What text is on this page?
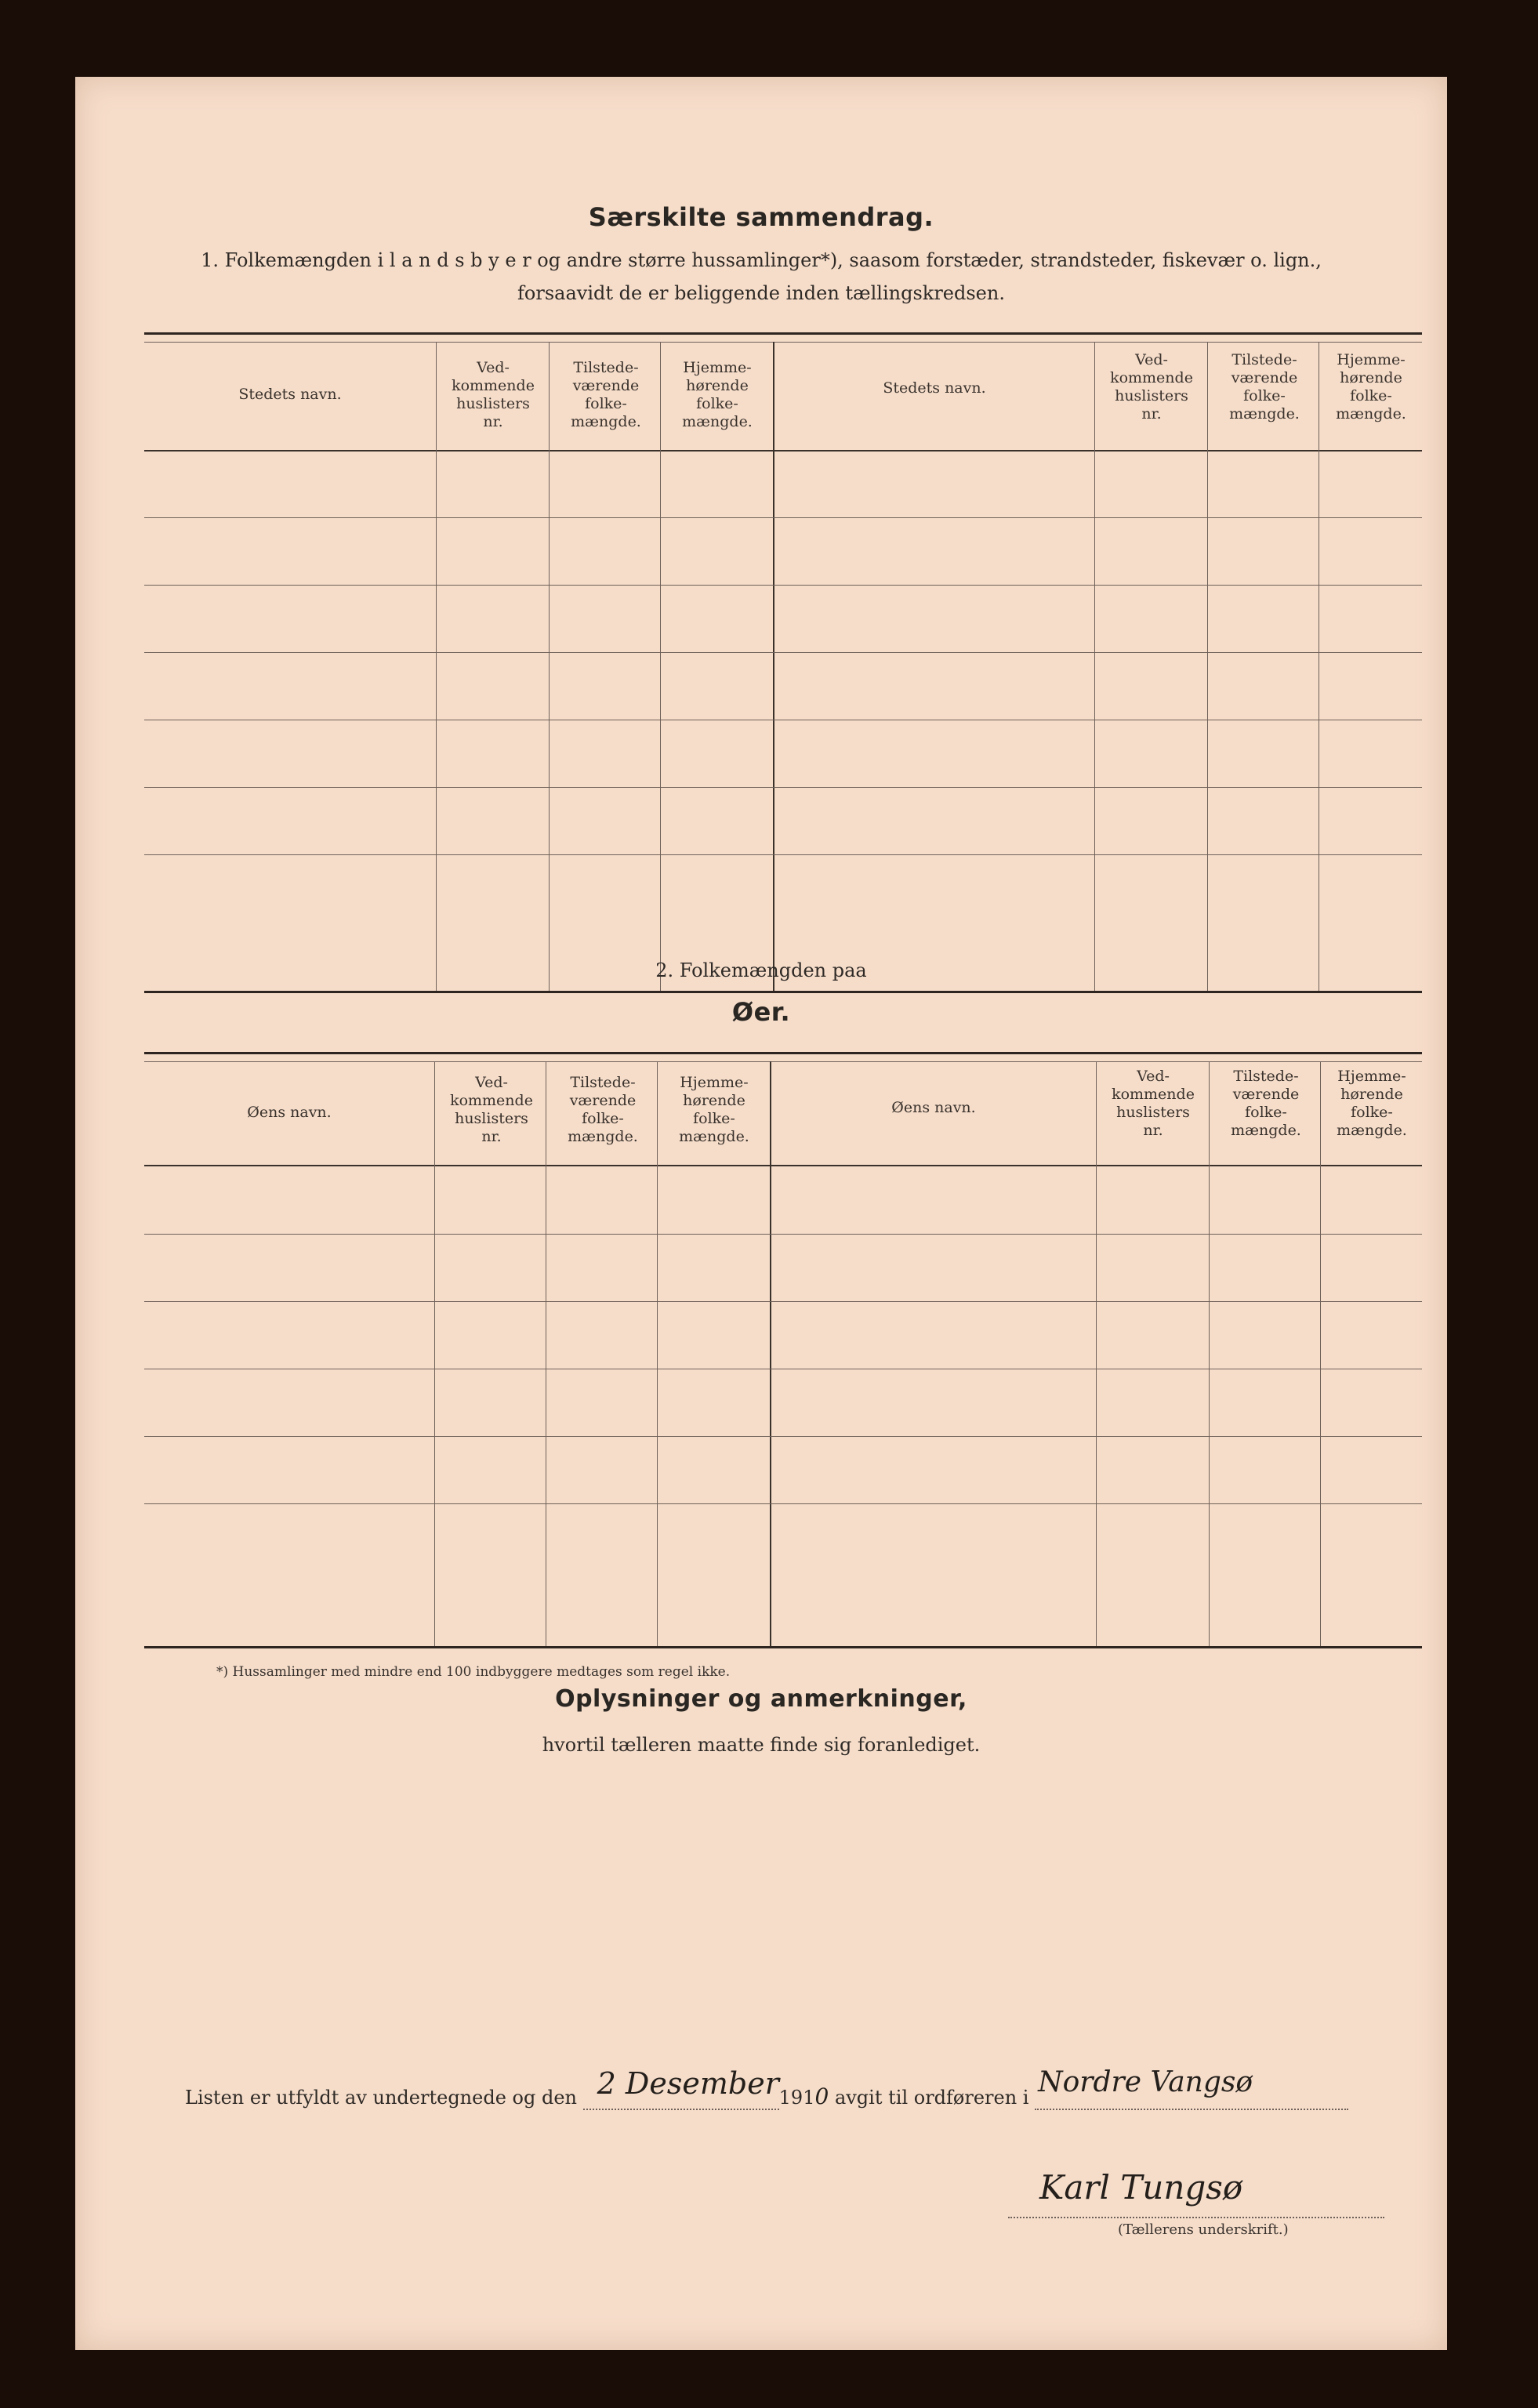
Særskilte sammendrag.
1. Folkemængden i l a n d s b y e r og andre større hussamlinger*), saasom forstæder, strandsteder, fiskevær o. lign.,
forsaavidt de er beliggende inden tællingskredsen.
Stedets navn.
Ved-
kommende
huslisters
nr.
Tilstede-
værende
folke-
mængde.
Hjemme-
hørende
folke-
mængde.
Stedets navn.
Ved-
kommende
huslisters
nr.
Tilstede-
værende
folke-
mængde.
Hjemme-
hørende
folke-
mængde.
2. Folkemængden paa
Øer.
Øens navn.
Ved-
kommende
huslisters
nr.
Tilstede-
værende
folke-
mængde.
Hjemme-
hørende
folke-
mængde.
Øens navn.
Ved-
kommende
huslisters
nr.
Tilstede-
værende
folke-
mængde.
Hjemme-
hørende
folke-
mængde.
*) Hussamlinger med mindre end 100 indbyggere medtages som regel ikke.
Oplysninger og anmerkninger,
hvortil tælleren maatte finde sig foranlediget.
Listen er utfyldt av undertegnede og den 2 Desember 1910 avgit til ordføreren i Nordre Vangsø

Karl Tungsø
(Tællerens underskrift.)
